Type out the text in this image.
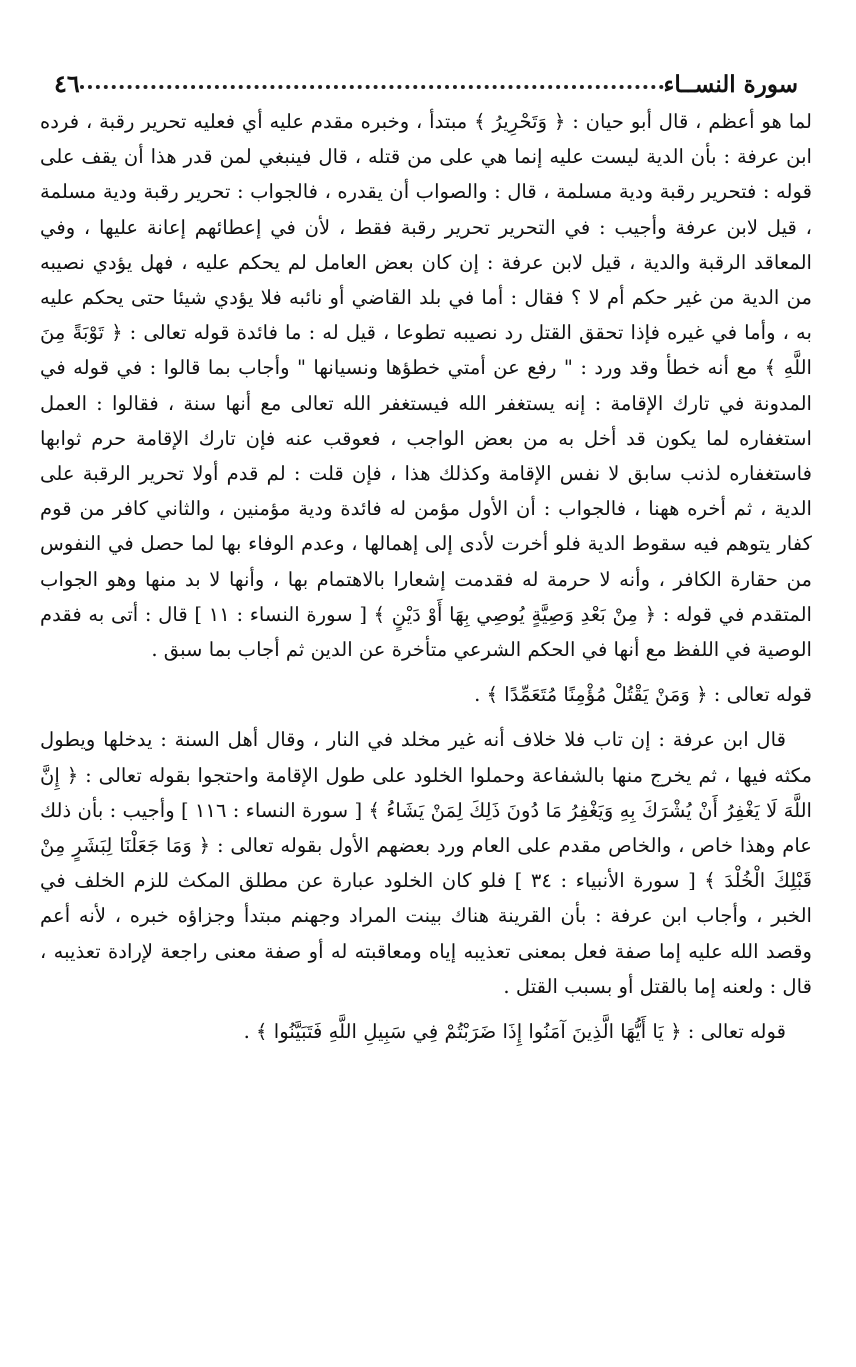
سورة النســاء
٤٦

لما هو أعظم ، قال أبو حيان : ﴿ وَتَحْرِيرُ ﴾ مبتدأ ، وخبره مقدم عليه أي فعليه تحرير رقبة ، فرده ابن عرفة : بأن الدية ليست عليه إنما هي على من قتله ، قال فينبغي لمن قدر هذا أن يقف على قوله : فتحرير رقبة ودية مسلمة ، قال : والصواب أن يقدره ، فالجواب : تحرير رقبة ودية مسلمة ، قيل لابن عرفة وأجيب : في التحرير تحرير رقبة فقط ، لأن في إعطائهم إعانة عليها ، وفي المعاقد الرقبة والدية ، قيل لابن عرفة : إن كان بعض العامل لم يحكم عليه ، فهل يؤدي نصيبه من الدية من غير حكم أم لا ؟ فقال : أما في بلد القاضي أو نائبه فلا يؤدي شيئا حتى يحكم عليه به ، وأما في غيره فإذا تحقق القتل رد نصيبه تطوعا ، قيل له : ما فائدة قوله تعالى : ﴿ تَوْبَةً مِنَ اللَّهِ ﴾ مع أنه خطأ وقد ورد : " رفع عن أمتي خطؤها ونسيانها " وأجاب بما قالوا : في قوله في المدونة في تارك الإقامة : إنه يستغفر الله فيستغفر الله تعالى مع أنها سنة ، فقالوا : العمل استغفاره لما يكون قد أخل به من بعض الواجب ، فعوقب عنه فإن تارك الإقامة حرم ثوابها فاستغفاره لذنب سابق لا نفس الإقامة وكذلك هذا ، فإن قلت : لم قدم أولا تحرير الرقبة على الدية ، ثم أخره ههنا ، فالجواب : أن الأول مؤمن له فائدة ودية مؤمنين ، والثاني كافر من قوم كفار يتوهم فيه سقوط الدية فلو أخرت لأدى إلى إهمالها ، وعدم الوفاء بها لما حصل في النفوس من حقارة الكافر ، وأنه لا حرمة له فقدمت إشعارا بالاهتمام بها ، وأنها لا بد منها وهو الجواب المتقدم في قوله : ﴿ مِنْ بَعْدِ وَصِيَّةٍ يُوصِي بِهَا أَوْ دَيْنٍ ﴾ [ سورة النساء : ١١ ] قال : أتى به فقدم الوصية في اللفظ مع أنها في الحكم الشرعي متأخرة عن الدين ثم أجاب بما سبق .

قوله تعالى : ﴿ وَمَنْ يَقْتُلْ مُؤْمِنًا مُتَعَمِّدًا ﴾ .

قال ابن عرفة : إن تاب فلا خلاف أنه غير مخلد في النار ، وقال أهل السنة : يدخلها ويطول مكثه فيها ، ثم يخرج منها بالشفاعة وحملوا الخلود على طول الإقامة واحتجوا بقوله تعالى : ﴿ إِنَّ اللَّهَ لَا يَغْفِرُ أَنْ يُشْرَكَ بِهِ وَيَغْفِرُ مَا دُونَ ذَلِكَ لِمَنْ يَشَاءُ ﴾ [ سورة النساء : ١١٦ ] وأجيب : بأن ذلك عام وهذا خاص ، والخاص مقدم على العام ورد بعضهم الأول بقوله تعالى : ﴿ وَمَا جَعَلْنَا لِبَشَرٍ مِنْ قَبْلِكَ الْخُلْدَ ﴾ [ سورة الأنبياء : ٣٤ ] فلو كان الخلود عبارة عن مطلق المكث للزم الخلف في الخبر ، وأجاب ابن عرفة : بأن القرينة هناك بينت المراد وجهنم مبتدأ وجزاؤه خبره ، لأنه أعم وقصد الله عليه إما صفة فعل بمعنى تعذيبه إياه ومعاقبته له أو صفة معنى راجعة لإرادة تعذيبه ، قال : ولعنه إما بالقتل أو بسبب القتل .

قوله تعالى : ﴿ يَا أَيُّهَا الَّذِينَ آمَنُوا إِذَا ضَرَبْتُمْ فِي سَبِيلِ اللَّهِ فَتَبَيَّنُوا ﴾ .
